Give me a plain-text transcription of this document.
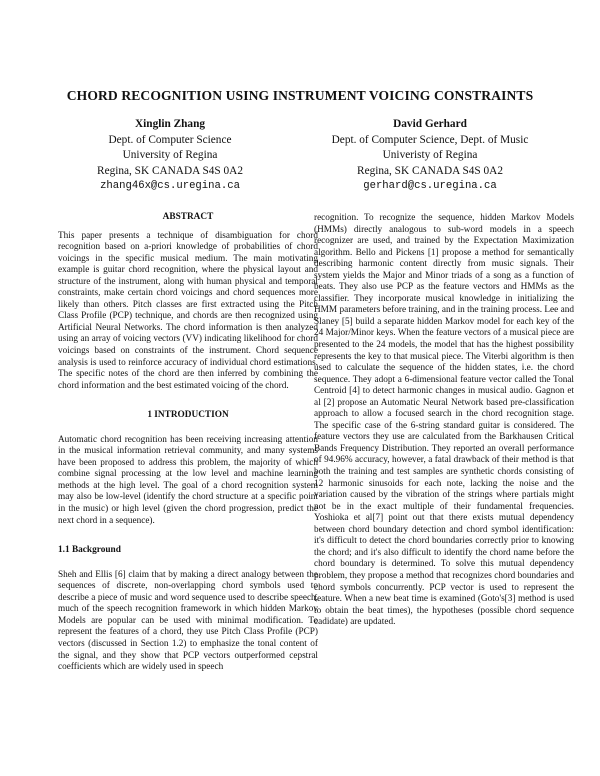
CHORD RECOGNITION USING INSTRUMENT VOICING CONSTRAINTS
Xinglin Zhang
Dept. of Computer Science
University of Regina
Regina, SK CANADA S4S 0A2
zhang46x@cs.uregina.ca
David Gerhard
Dept. of Computer Science, Dept. of Music
Univeristy of Regina
Regina, SK CANADA S4S 0A2
gerhard@cs.uregina.ca
ABSTRACT

This paper presents a technique of disambiguation for chord recognition based on a-priori knowledge of probabilities of chord voicings in the specific musical medium. The main motivating example is guitar chord recognition, where the physical layout and structure of the instrument, along with human physical and temporal constraints, make certain chord voicings and chord sequences more likely than others. Pitch classes are first extracted using the Pitch Class Profile (PCP) technique, and chords are then recognized using Artificial Neural Networks. The chord information is then analyzed using an array of voicing vectors (VV) indicating likelihood for chord voicings based on constraints of the instrument. Chord sequence analysis is used to reinforce accuracy of individual chord estimations. The specific notes of the chord are then inferred by combining the chord information and the best estimated voicing of the chord.

1 INTRODUCTION

Automatic chord recognition has been receiving increasing attention in the musical information retrieval community, and many systems have been proposed to address this problem, the majority of which combine signal processing at the low level and machine learning methods at the high level. The goal of a chord recognition system may also be low-level (identify the chord structure at a specific point in the music) or high level (given the chord progression, predict the next chord in a sequence).

1.1 Background

Sheh and Ellis [6] claim that by making a direct analogy between the sequences of discrete, non-overlapping chord symbols used to describe a piece of music and word sequence used to describe speech, much of the speech recognition framework in which hidden Markov Models are popular can be used with minimal modification. To represent the features of a chord, they use Pitch Class Profile (PCP) vectors (discussed in Section 1.2) to emphasize the tonal content of the signal, and they show that PCP vectors outperformed cepstral coefficients which are widely used in speech

recognition. To recognize the sequence, hidden Markov Models (HMMs) directly analogous to sub-word models in a speech recognizer are used, and trained by the Expectation Maximization algorithm. Bello and Pickens [1] propose a method for semantically describing harmonic content directly from music signals. Their system yields the Major and Minor triads of a song as a function of beats. They also use PCP as the feature vectors and HMMs as the classifier. They incorporate musical knowledge in initializing the HMM parameters before training, and in the training process. Lee and Slaney [5] build a separate hidden Markov model for each key of the 24 Major/Minor keys. When the feature vectors of a musical piece are presented to the 24 models, the model that has the highest possibility represents the key to that musical piece. The Viterbi algorithm is then used to calculate the sequence of the hidden states, i.e. the chord sequence. They adopt a 6-dimensional feature vector called the Tonal Centroid [4] to detect harmonic changes in musical audio. Gagnon et al [2] propose an Automatic Neural Network based pre-classification approach to allow a focused search in the chord recognition stage. The specific case of the 6-string standard guitar is considered. The feature vectors they use are calculated from the Barkhausen Critical Bands Frequency Distribution. They reported an overall performance of 94.96% accuracy, however, a fatal drawback of their method is that both the training and test samples are synthetic chords consisting of 12 harmonic sinusoids for each note, lacking the noise and the variation caused by the vibration of the strings where partials might not be in the exact multiple of their fundamental frequencies. Yoshioka et al[7] point out that there exists mutual dependency between chord boundary detection and chord symbol identification: it's difficult to detect the chord boundaries correctly prior to knowing the chord; and it's also difficult to identify the chord name before the chord boundary is determined. To solve this mutual dependency problem, they propose a method that recognizes chord boundaries and chord symbols concurrently. PCP vector is used to represent the feature. When a new beat time is examined (Goto's[3] method is used to obtain the beat times), the hypotheses (possible chord sequence cadidate) are updated.
